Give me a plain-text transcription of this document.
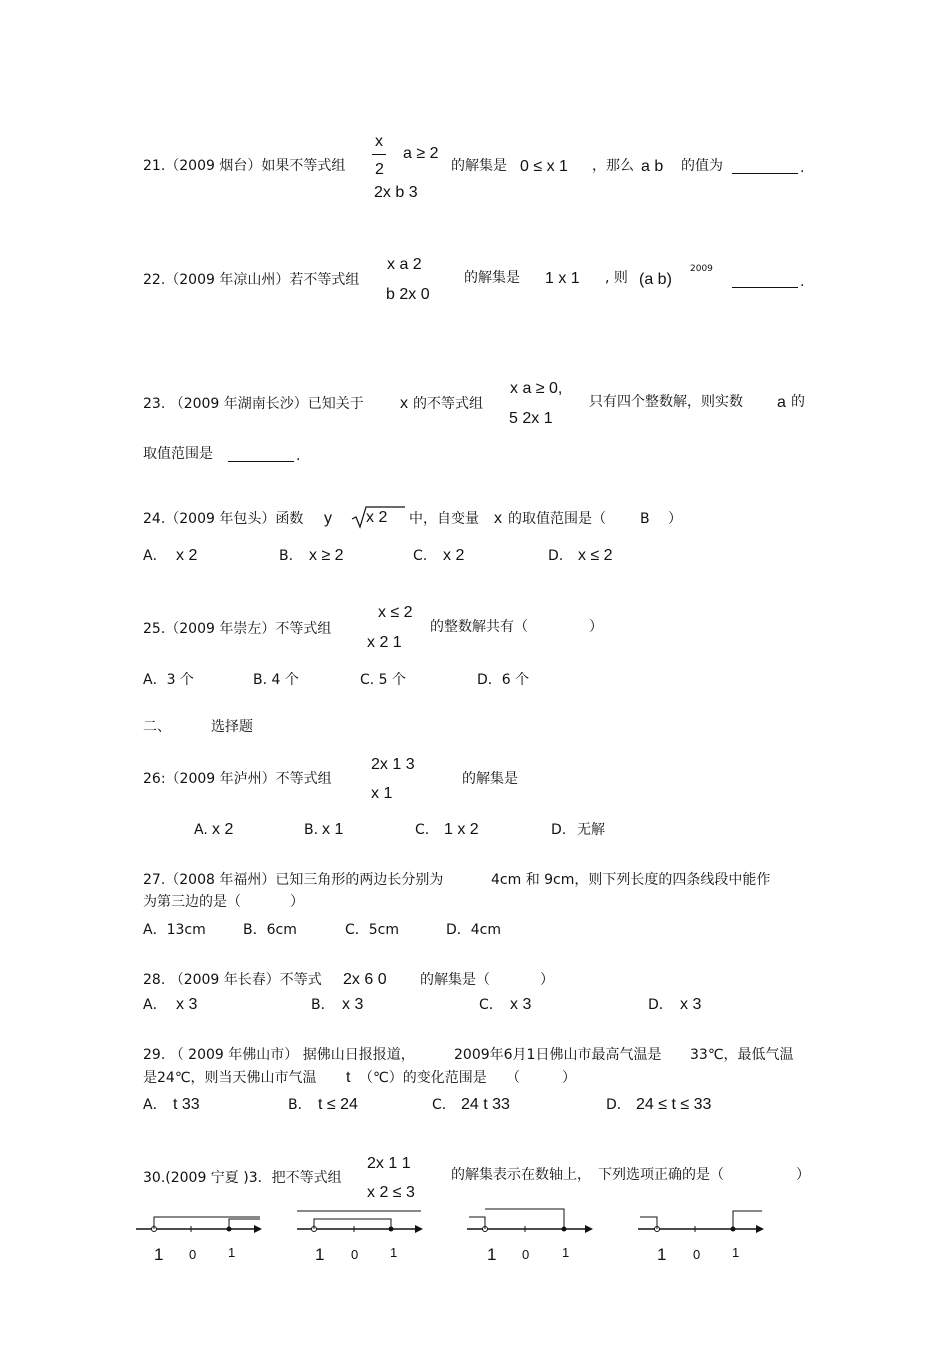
21.（2009 烟台）如果不等式组
x
2
a ≥ 2
2x b 3
的解集是 0 ≤ x 1 ，那么 a b 的值为	.
22.（2009 年凉山州）若不等式组
x a 2
b 2x 0
的解集是 1 x 1 , 则 (a b)
2009
.
23. （2009 年湖南长沙）已知关于 x 的不等式组
x a ≥ 0,
5 2x 1
只有四个整数解，则实数 a 的
取值范围是	.
24.（2009 年包头）函数 y x 2 中，自变量 x 的取值范围是（ B ）
A． x 2	B. x ≥ 2	C. x 2	D. x ≤ 2
25.（2009 年崇左）不等式组
x ≤ 2
x 2 1
的整数解共有（	）
A．3 个	B. 4 个	C. 5 个	D．6 个
二、	选择题
26:（2009 年泸州）不等式组
2x 1 3
x 1
的解集是
A. x 2	B. x 1	C. 1 x 2	D. 无解
27.（2008 年福州）已知三角形的两边长分别为	4cm 和 9cm，则下列长度的四条线段中能作
为第三边的是（	）
A．13cm	B．6cm	C．5cm	D．4cm
28. （2009 年长春）不等式 2x 6 0 的解集是（	）
A． x 3	B． x 3	C． x 3	D． x 3
29. （ 2009 年佛山市） 据佛山日报报道，	2009年6月1日佛山市最高气温是 33℃，最低气温
是24℃，则当天佛山市气温 t （℃）的变化范围是 （	）
A． t 33	B． t ≤ 24	C． 24 t 33	D． 24 ≤ t ≤ 33
30.(2009 宁夏 )3．把不等式组
2x 1 1
x 2 ≤ 3
的解集表示在数轴上， 下列选项正确的是（	）
1 0 1	1 0 1	1 0	1	1 0 1
